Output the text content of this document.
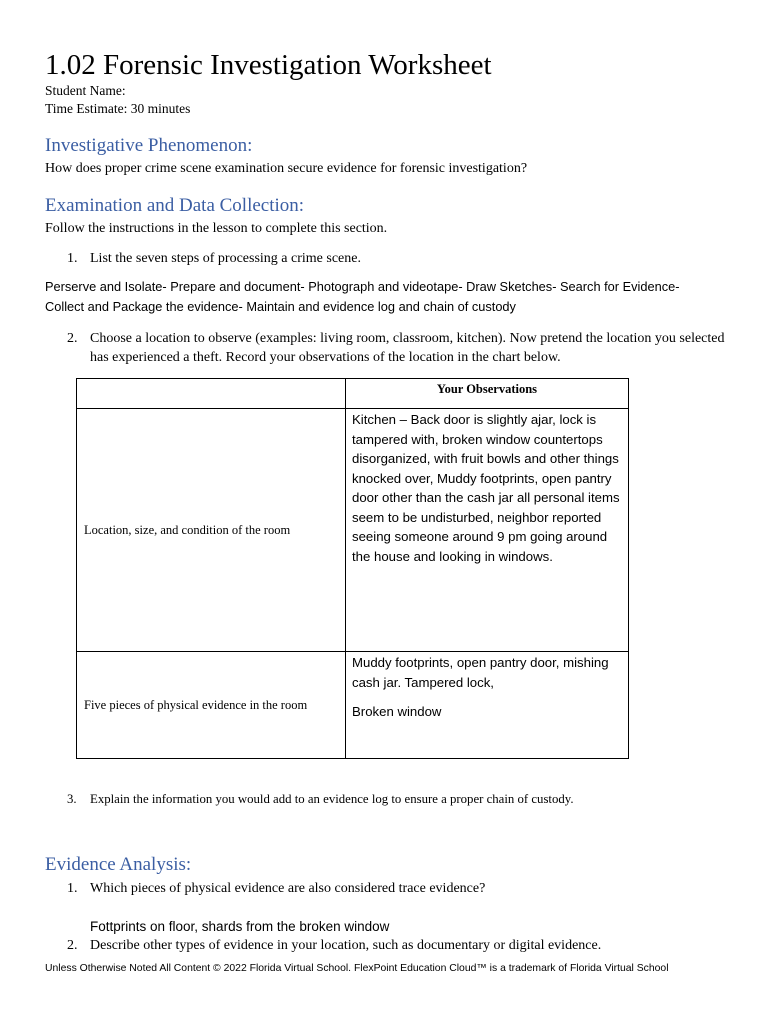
1.02 Forensic Investigation Worksheet
Student Name:
Time Estimate: 30 minutes
Investigative Phenomenon:
How does proper crime scene examination secure evidence for forensic investigation?
Examination and Data Collection:
Follow the instructions in the lesson to complete this section.
1. List the seven steps of processing a crime scene.
Perserve and Isolate- Prepare and document- Photograph and videotape- Draw Sketches- Search for Evidence-
Collect and Package the evidence- Maintain and evidence log and chain of custody
2. Choose a location to observe (examples: living room, classroom, kitchen). Now pretend the location you selected has experienced a theft. Record your observations of the location in the chart below.
	Your Observations
Location, size, and condition of the room	Kitchen – Back door is slightly ajar, lock is tampered with, broken window countertops disorganized, with fruit bowls and other things knocked over, Muddy footprints, open pantry door other than the cash jar all personal items seem to be undisturbed, neighbor reported seeing someone around 9 pm going around the house and looking in windows.

Five pieces of physical evidence in the room	Muddy footprints, open pantry door, mishing cash jar. Tampered lock,

Broken window

3.	Explain the information you would add to an evidence log to ensure a proper chain of custody.
Evidence Analysis:
1. Which pieces of physical evidence are also considered trace evidence?
Fottprints on floor, shards from the broken window
2. Describe other types of evidence in your location, such as documentary or digital evidence.
Unless Otherwise Noted All Content © 2022 Florida Virtual School. FlexPoint Education Cloud™ is a trademark of Florida Virtual School
